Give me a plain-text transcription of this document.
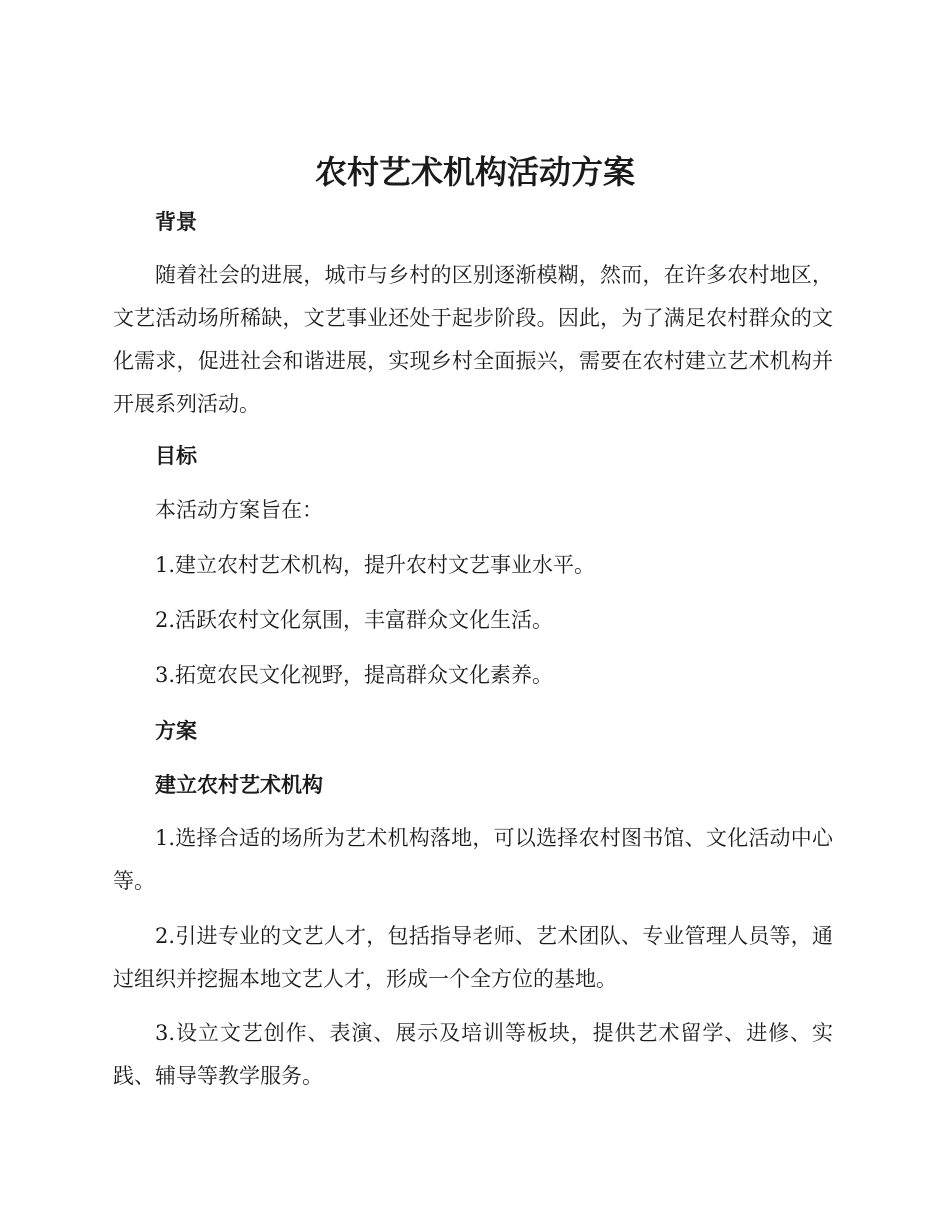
农村艺术机构活动方案

背景

随着社会的进展，城市与乡村的区别逐渐模糊，然而，在许多农村地区，文艺活动场所稀缺，文艺事业还处于起步阶段。因此，为了满足农村群众的文化需求，促进社会和谐进展，实现乡村全面振兴，需要在农村建立艺术机构并开展系列活动。

目标

本活动方案旨在：

1.建立农村艺术机构，提升农村文艺事业水平。

2.活跃农村文化氛围，丰富群众文化生活。

3.拓宽农民文化视野，提高群众文化素养。

方案

建立农村艺术机构

1.选择合适的场所为艺术机构落地，可以选择农村图书馆、文化活动中心等。

2.引进专业的文艺人才，包括指导老师、艺术团队、专业管理人员等，通过组织并挖掘本地文艺人才，形成一个全方位的基地。

3.设立文艺创作、表演、展示及培训等板块，提供艺术留学、进修、实践、辅导等教学服务。
